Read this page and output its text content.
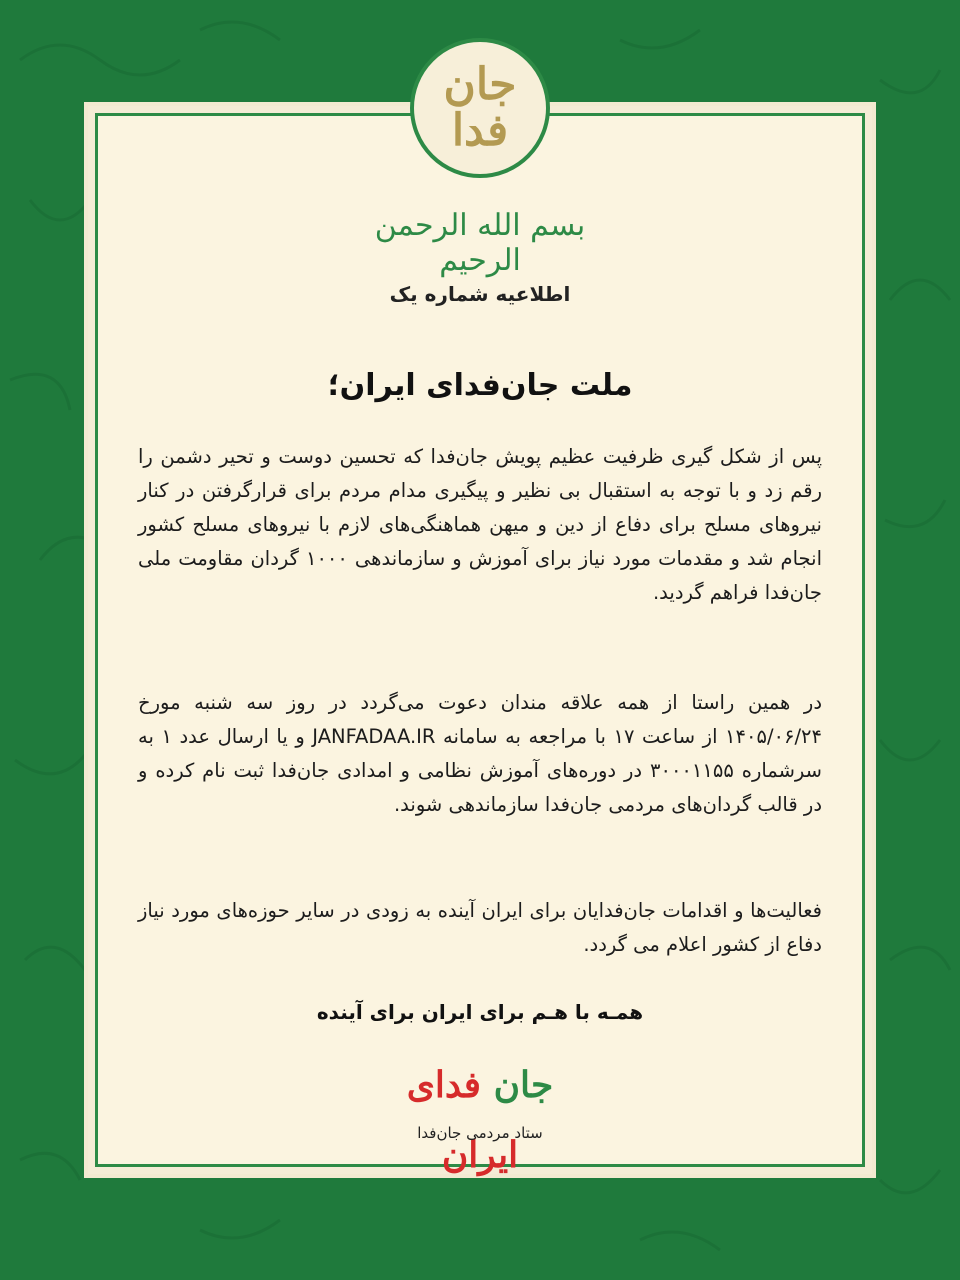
جان فدا
بسم الله الرحمن الرحیم
اطلاعیه شماره یک
ملت جان‌فدای ایران؛
پس از شکل گیری ظرفیت عظیم پویش جان‌فدا که تحسین دوست و تحیر دشمن را رقم زد و با توجه به استقبال بی نظیر و پیگیری مدام مردم برای قرارگرفتن در کنار نیروهای مسلح برای دفاع از دین و میهن هماهنگی‌های لازم با نیروهای مسلح کشور انجام شد و مقدمات مورد نیاز برای آموزش و سازماندهی ۱۰۰۰ گردان مقاومت ملی جان‌فدا فراهم گردید.
در همین راستا از همه علاقه مندان دعوت می‌گردد در روز سه شنبه مورخ ۱۴۰۵/۰۶/۲۴ از ساعت ۱۷ با مراجعه به سامانه JANFADAA.IR و یا ارسال عدد ۱ به سرشماره ۳۰۰۰۱۱۵۵ در دوره‌های آموزش نظامی و امدادی جان‌فدا ثبت نام کرده و در قالب گردان‌های مردمی جان‌فدا سازماندهی شوند.
فعالیت‌ها و اقدامات جان‌فدایان برای ایران آینده به زودی در سایر حوزه‌های مورد نیاز دفاع از کشور اعلام می گردد.
همـه با هـم برای ایران برای آینده
جان فدای ایران
ستاد مردمی جان‌فدا
